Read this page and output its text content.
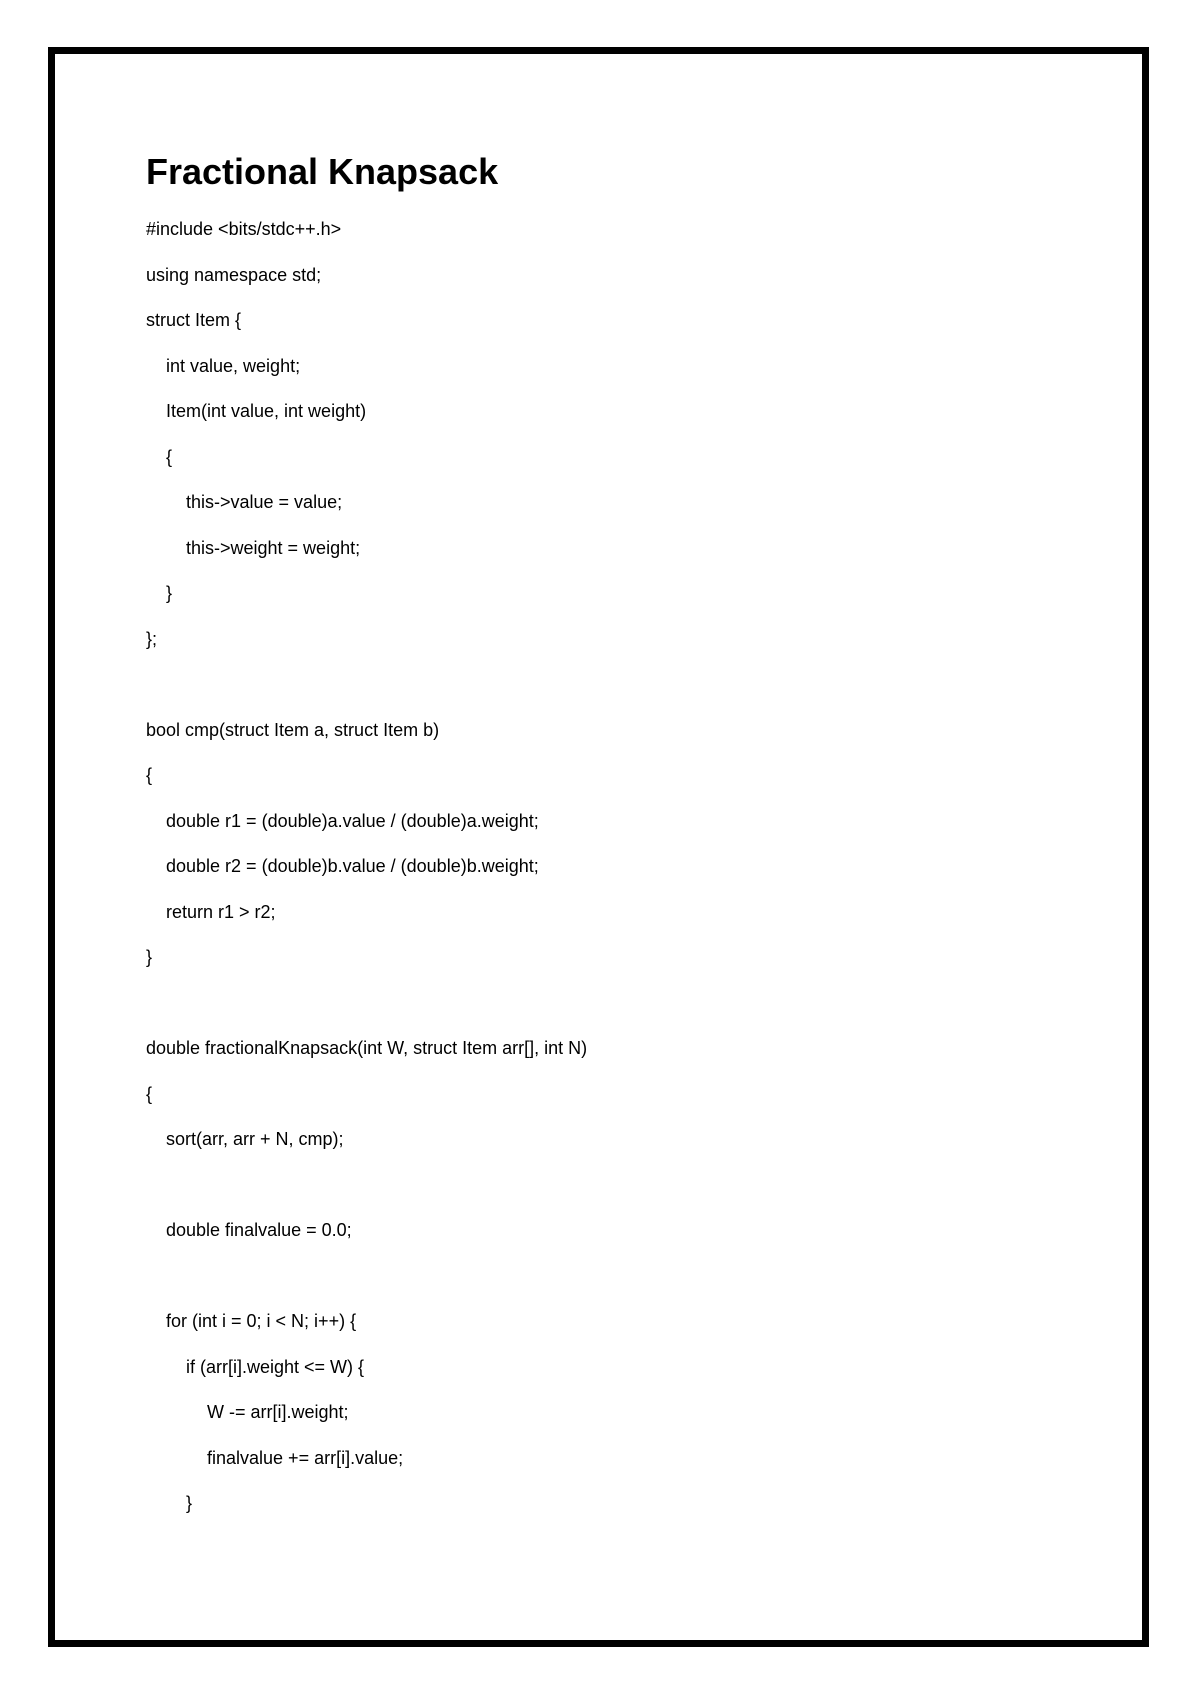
Fractional Knapsack
#include <bits/stdc++.h>
using namespace std;
struct Item {
int value, weight;
Item(int value, int weight)
{
this->value = value;
this->weight = weight;
}
};
bool cmp(struct Item a, struct Item b)
{
double r1 = (double)a.value / (double)a.weight;
double r2 = (double)b.value / (double)b.weight;
return r1 > r2;
}
double fractionalKnapsack(int W, struct Item arr[], int N)
{
sort(arr, arr + N, cmp);
double finalvalue = 0.0;
for (int i = 0; i < N; i++) {
if (arr[i].weight <= W) {
W -= arr[i].weight;
finalvalue += arr[i].value;
}
